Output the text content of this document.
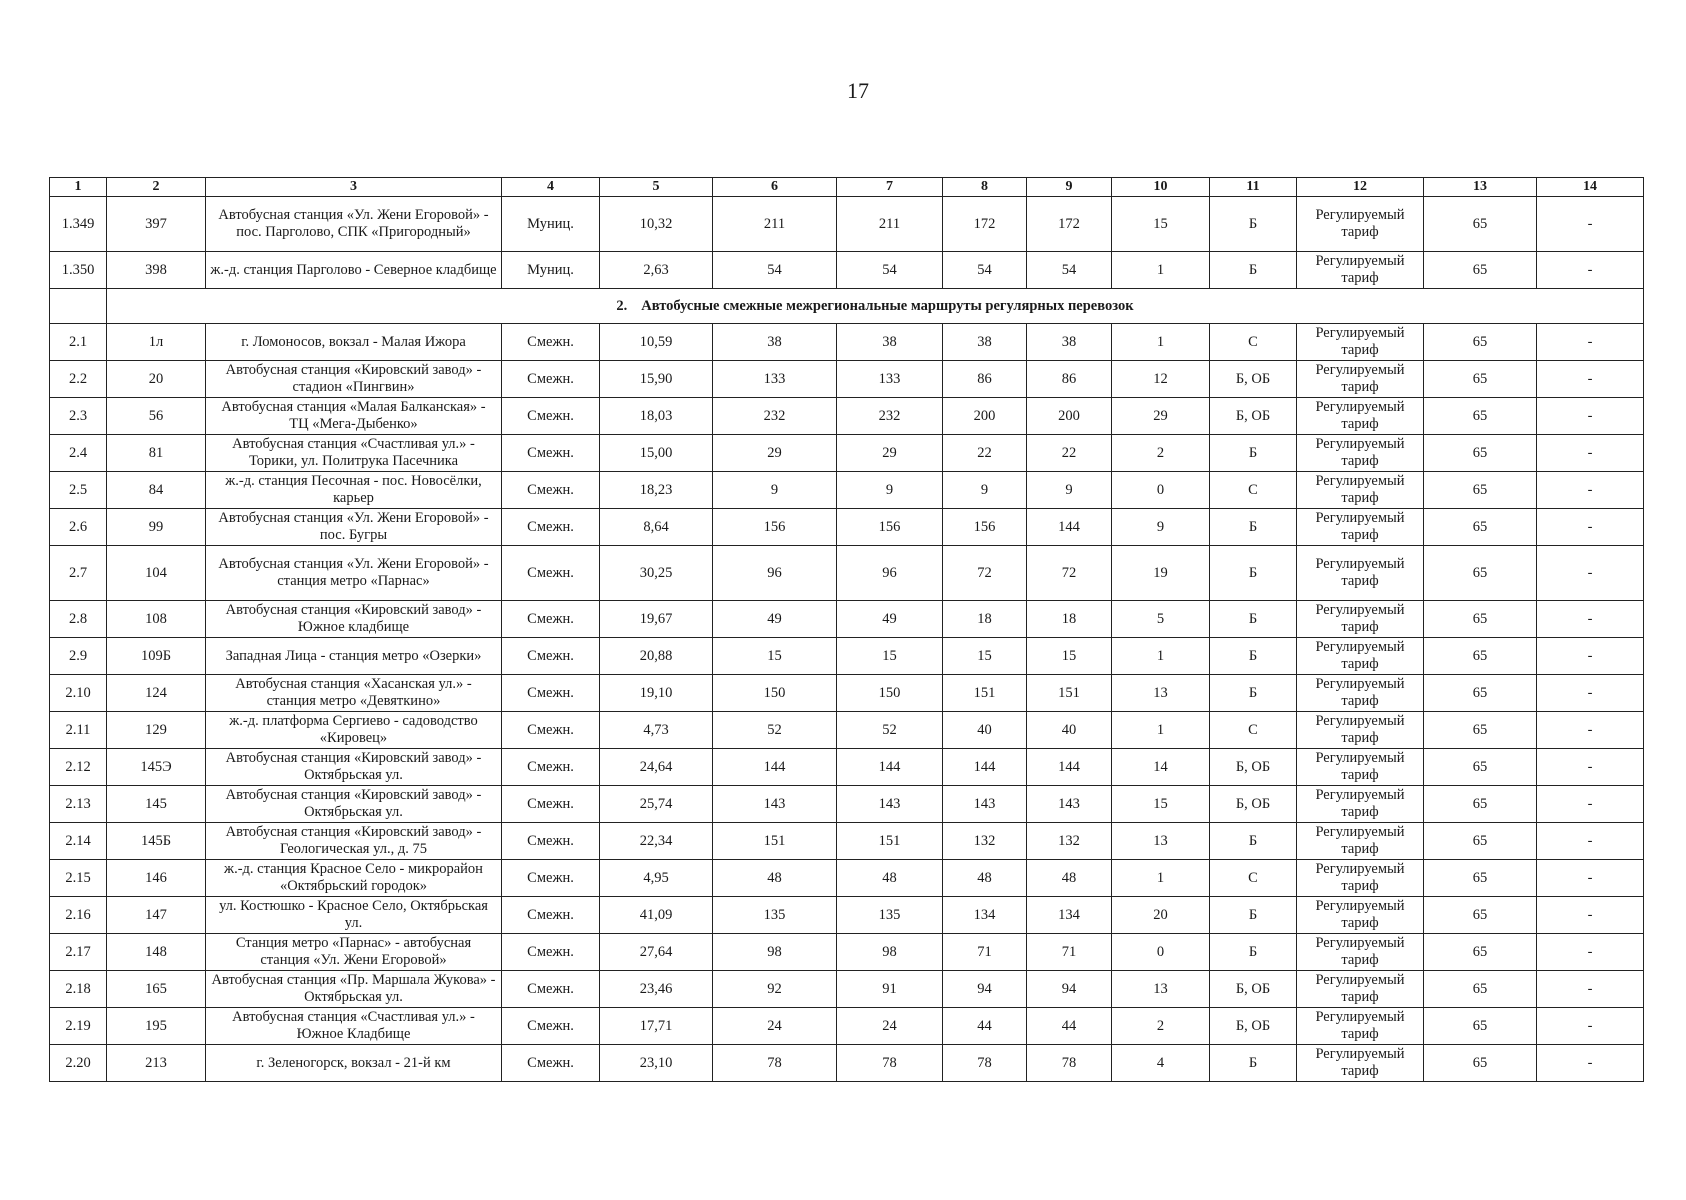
17
1	2	3	4	5	6	7	8	9	10	11	12	13	14
1.349	397	Автобусная станция «Ул. Жени Егоровой» - пос. Парголово, СПК «Пригородный»	Муниц.	10,32	211	211	172	172	15	Б	Регулируемый тариф	65	-
1.350	398	ж.-д. станция Парголово - Северное кладбище	Муниц.	2,63	54	54	54	54	1	Б	Регулируемый тариф	65	-
	2. Автобусные смежные межрегиональные маршруты регулярных перевозок												
2.1	1л	г. Ломоносов, вокзал - Малая Ижора	Смежн.	10,59	38	38	38	38	1	С	Регулируемый тариф	65	-
2.2	20	Автобусная станция «Кировский завод» - стадион «Пингвин»	Смежн.	15,90	133	133	86	86	12	Б, ОБ	Регулируемый тариф	65	-
2.3	56	Автобусная станция «Малая Балканская» - ТЦ «Мега-Дыбенко»	Смежн.	18,03	232	232	200	200	29	Б, ОБ	Регулируемый тариф	65	-
2.4	81	Автобусная станция «Счастливая ул.» - Торики, ул. Политрука Пасечника	Смежн.	15,00	29	29	22	22	2	Б	Регулируемый тариф	65	-
2.5	84	ж.-д. станция Песочная - пос. Новосёлки, карьер	Смежн.	18,23	9	9	9	9	0	С	Регулируемый тариф	65	-
2.6	99	Автобусная станция «Ул. Жени Егоровой» - пос. Бугры	Смежн.	8,64	156	156	156	144	9	Б	Регулируемый тариф	65	-
2.7	104	Автобусная станция «Ул. Жени Егоровой» - станция метро «Парнас»	Смежн.	30,25	96	96	72	72	19	Б	Регулируемый тариф	65	-
2.8	108	Автобусная станция «Кировский завод» - Южное кладбище	Смежн.	19,67	49	49	18	18	5	Б	Регулируемый тариф	65	-
2.9	109Б	Западная Лица - станция метро «Озерки»	Смежн.	20,88	15	15	15	15	1	Б	Регулируемый тариф	65	-
2.10	124	Автобусная станция «Хасанская ул.» - станция метро «Девяткино»	Смежн.	19,10	150	150	151	151	13	Б	Регулируемый тариф	65	-
2.11	129	ж.-д. платформа Сергиево - садоводство «Кировец»	Смежн.	4,73	52	52	40	40	1	С	Регулируемый тариф	65	-
2.12	145Э	Автобусная станция «Кировский завод» - Октябрьская ул.	Смежн.	24,64	144	144	144	144	14	Б, ОБ	Регулируемый тариф	65	-
2.13	145	Автобусная станция «Кировский завод» - Октябрьская ул.	Смежн.	25,74	143	143	143	143	15	Б, ОБ	Регулируемый тариф	65	-
2.14	145Б	Автобусная станция «Кировский завод» - Геологическая ул., д. 75	Смежн.	22,34	151	151	132	132	13	Б	Регулируемый тариф	65	-
2.15	146	ж.-д. станция Красное Село - микрорайон «Октябрьский городок»	Смежн.	4,95	48	48	48	48	1	С	Регулируемый тариф	65	-
2.16	147	ул. Костюшко - Красное Село, Октябрьская ул.	Смежн.	41,09	135	135	134	134	20	Б	Регулируемый тариф	65	-
2.17	148	Станция метро «Парнас» - автобусная станция «Ул. Жени Егоровой»	Смежн.	27,64	98	98	71	71	0	Б	Регулируемый тариф	65	-
2.18	165	Автобусная станция «Пр. Маршала Жукова» - Октябрьская ул.	Смежн.	23,46	92	91	94	94	13	Б, ОБ	Регулируемый тариф	65	-
2.19	195	Автобусная станция «Счастливая ул.» - Южное Кладбище	Смежн.	17,71	24	24	44	44	2	Б, ОБ	Регулируемый тариф	65	-
2.20	213	г. Зеленогорск, вокзал - 21-й км	Смежн.	23,10	78	78	78	78	4	Б	Регулируемый тариф	65	-
